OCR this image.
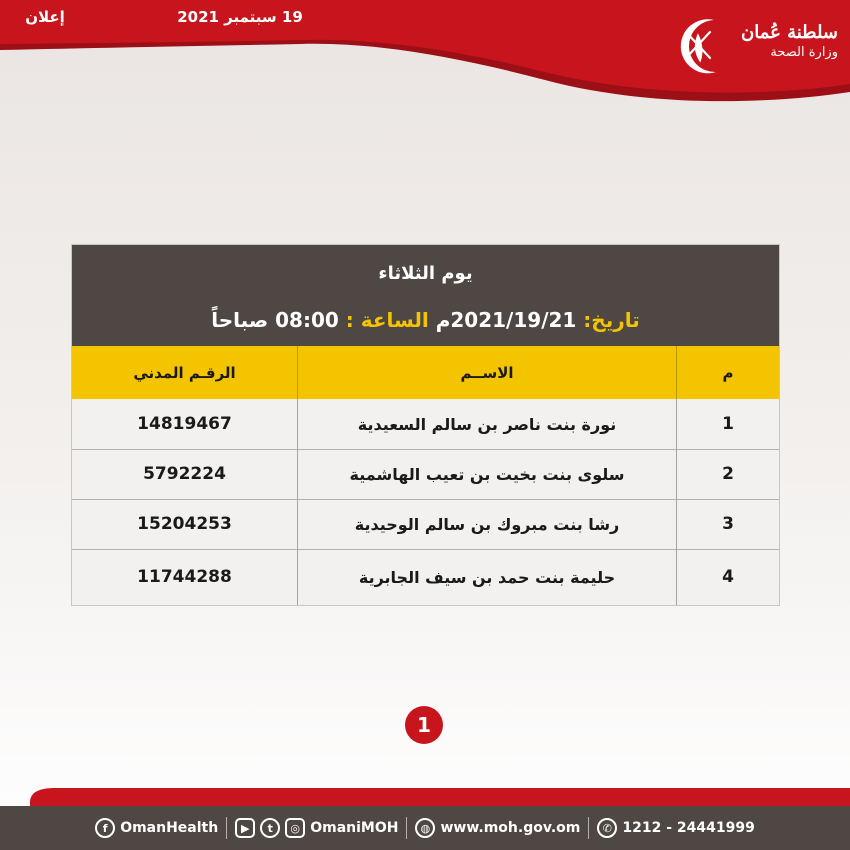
إعلان	19 سبتمبر 2021
سلطنة عُمان
وزارة الصحة
يوم الثلاثاء
تاريخ: 2021/19/21م الساعة : 08:00 صباحاً
الرقـم المدني	الاســم	م
14819467	نورة بنت ناصر بن سالم السعيدية	1
5792224	سلوى بنت بخيت بن تعيب الهاشمية	2
15204253	رشا بنت مبروك بن سالم الوحيدية	3
11744288	حليمة بنت حمد بن سيف الجابرية	4
1
f OmanHealth	▶	t	◎ OmaniMOH	◍ www.moh.gov.om	✆ 1212 - 24441999
